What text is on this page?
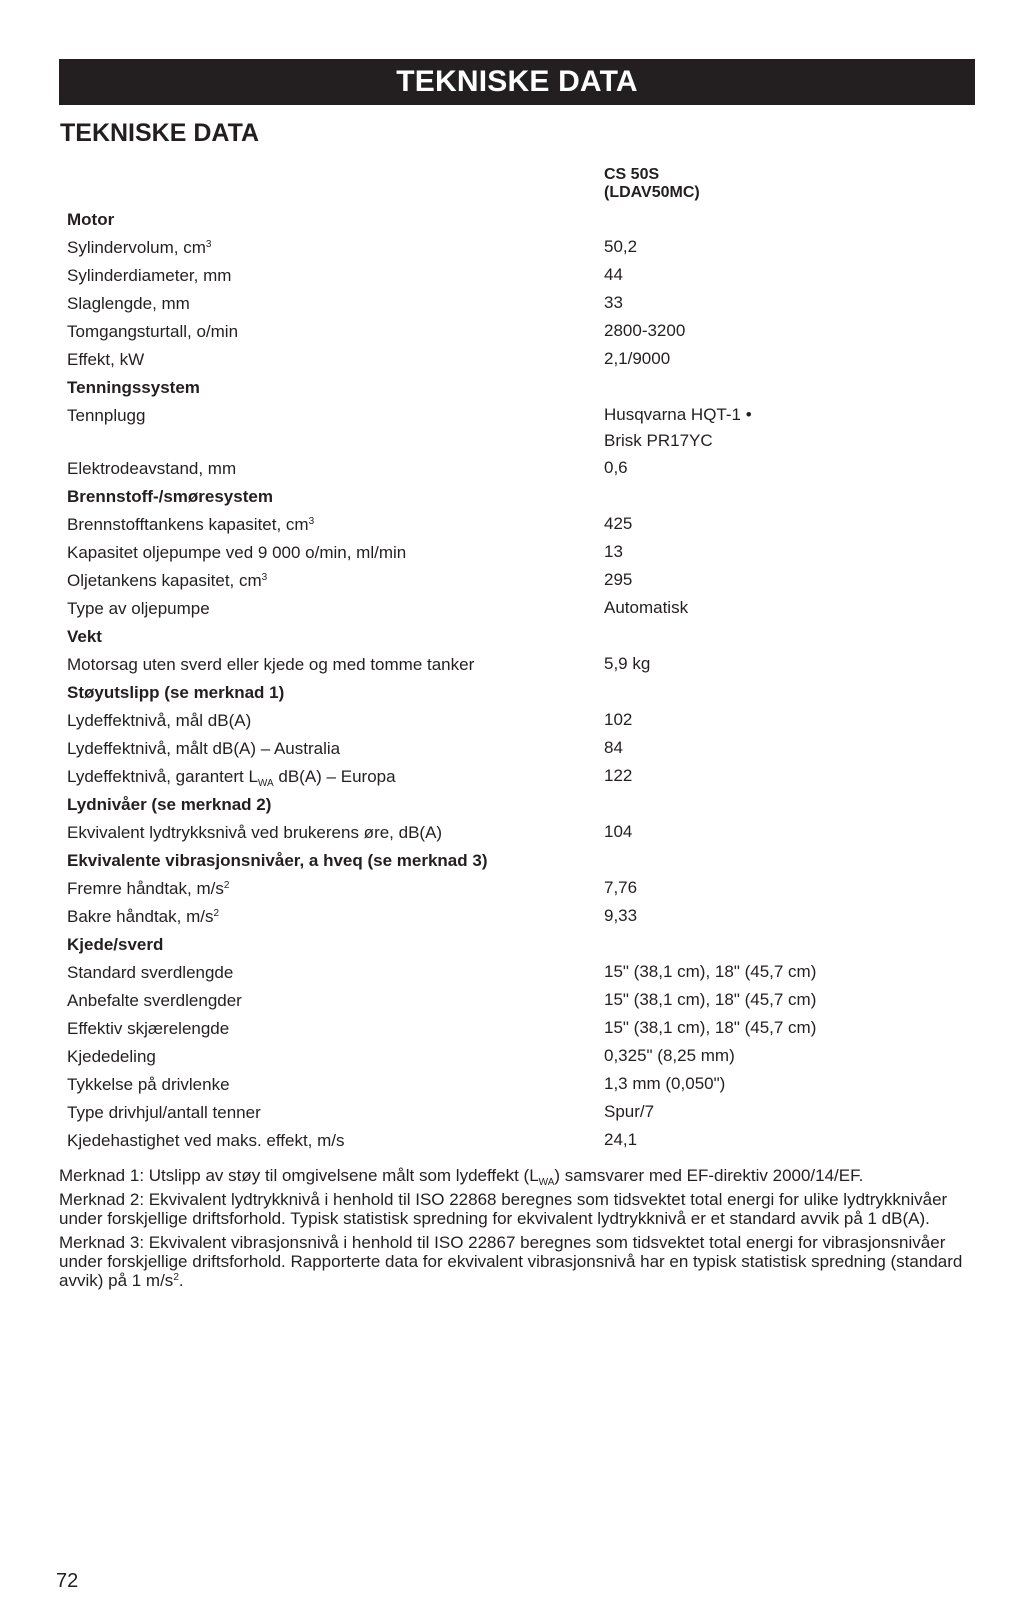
TEKNISKE DATA
TEKNISKE DATA
CS 50S
(LDAV50MC)
Motor
Sylindervolum, $cm^3$	50,2
Sylinderdiameter, mm	44
Slaglengde, mm	33
Tomgangsturtall, o/min	2800-3200
Effekt, kW	2,1/9000
Tenningssystem
Tennplugg	Husqvarna HQT-1 •
Brisk PR17YC
Elektrodeavstand, mm	0,6
Brennstoff-/smøresystem
Brennstofftankens kapasitet, $cm^3$	425
Kapasitet oljepumpe ved 9 000 o/min, ml/min	13
Oljetankens kapasitet, $cm^3$	295
Type av oljepumpe	Automatisk
Vekt
Motorsag uten sverd eller kjede og med tomme tanker	5,9 kg
Støyutslipp (se merknad 1)
Lydeffektnivå, mål dB(A)	102
Lydeffektnivå, målt dB(A) – Australia	84
Lydeffektnivå, garantert $L_{WA}$ dB(A) – Europa	122
Lydnivåer (se merknad 2)
Ekvivalent lydtrykksnivå ved brukerens øre, dB(A)	104
Ekvivalente vibrasjonsnivåer, a hveq (se merknad 3)
Fremre håndtak, $m/s^2$	7,76
Bakre håndtak, $m/s^2$	9,33
Kjede/sverd
Standard sverdlengde	15" (38,1 cm), 18" (45,7 cm)
Anbefalte sverdlengder	15" (38,1 cm), 18" (45,7 cm)
Effektiv skjærelengde	15" (38,1 cm), 18" (45,7 cm)
Kjededeling	0,325" (8,25 mm)
Tykkelse på drivlenke	1,3 mm (0,050")
Type drivhjul/antall tenner	Spur/7
Kjedehastighet ved maks. effekt, m/s	24,1

Merknad 1: Utslipp av støy til omgivelsene målt som lydeffekt $(L_{WA})$ samsvarer med EF-direktiv 2000/14/EF.

Merknad 2: Ekvivalent lydtrykknivå i henhold til ISO 22868 beregnes som tidsvektet total energi for ulike lydtrykknivåer under forskjellige driftsforhold. Typisk statistisk spredning for ekvivalent lydtrykknivå er et standard avvik på 1 dB(A).

Merknad 3: Ekvivalent vibrasjonsnivå i henhold til ISO 22867 beregnes som tidsvektet total energi for vibrasjonsnivåer under forskjellige driftsforhold. Rapporterte data for ekvivalent vibrasjonsnivå har en typisk statistisk spredning (standard avvik) på 1 $m/s^2$.

72
